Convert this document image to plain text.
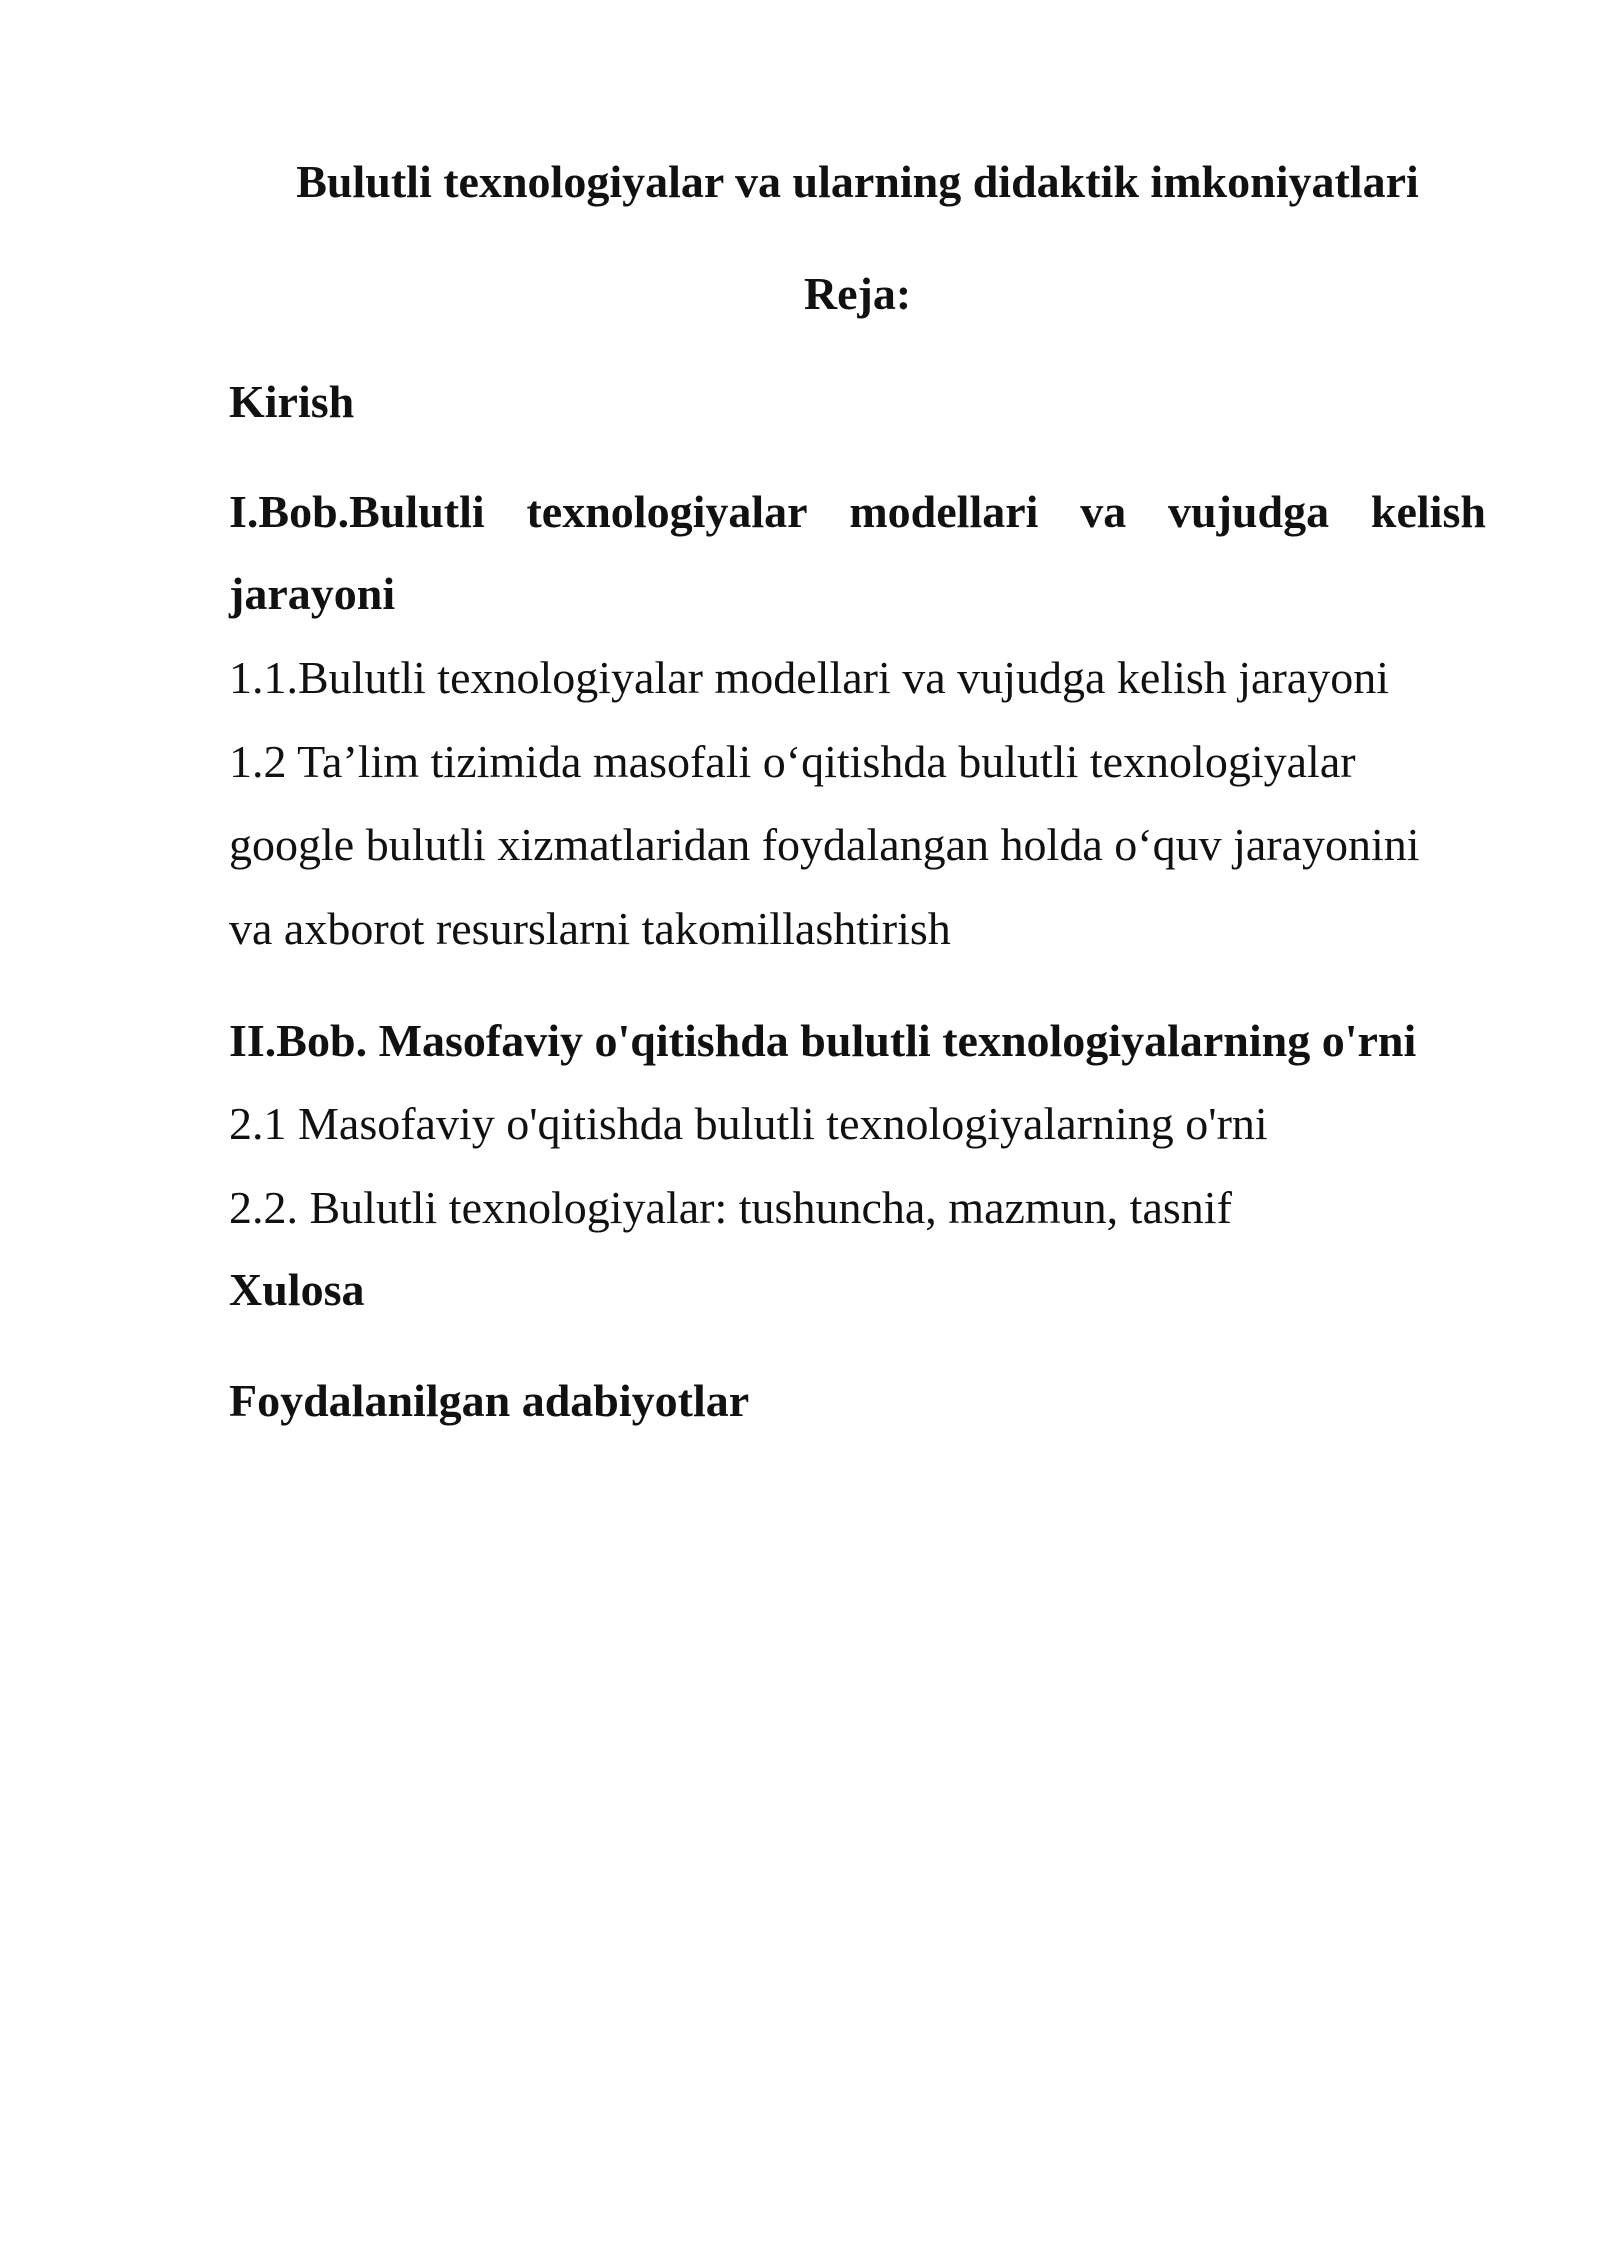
Bulutli texnologiyalar va ularning didaktik imkoniyatlari

Reja:

Kirish

I.Bob.Bulutli texnologiyalar modellari va vujudga kelish

jarayoni

1.1.Bulutli texnologiyalar modellari va vujudga kelish jarayoni

1.2 Ta’lim tizimida masofali o‘qitishda bulutli texnologiyalar

google bulutli xizmatlaridan foydalangan holda o‘quv jarayonini

va axborot resurslarni takomillashtirish

II.Bob. Masofaviy o'qitishda bulutli texnologiyalarning o'rni

2.1 Masofaviy o'qitishda bulutli texnologiyalarning o'rni

2.2. Bulutli texnologiyalar: tushuncha, mazmun, tasnif

Xulosa

Foydalanilgan adabiyotlar
